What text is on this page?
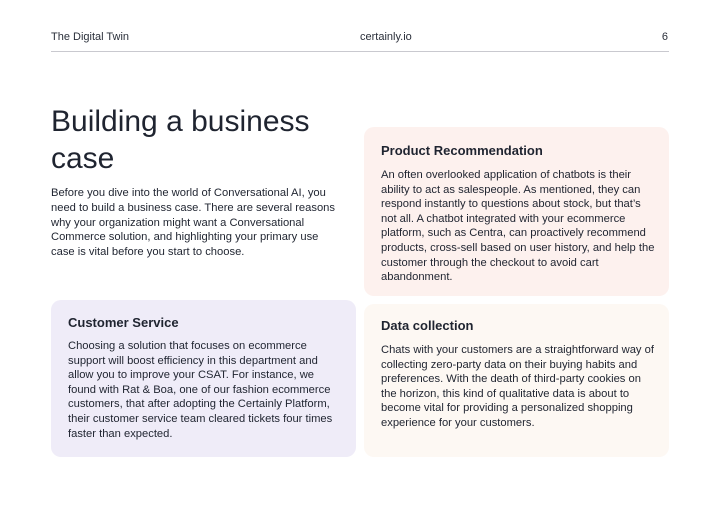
The Digital Twin	certainly.io	6
Building a business case

Before you dive into the world of Conversational AI, you need to build a business case. There are several reasons why your organization might want a Conversational Commerce solution, and highlighting your primary use case is vital before you start to choose.

Product Recommendation

An often overlooked application of chatbots is their ability to act as salespeople. As mentioned, they can respond instantly to questions about stock, but that’s not all. A chatbot integrated with your ecommerce platform, such as Centra, can proactively recommend products, cross-sell based on user history, and help the customer through the checkout to avoid cart abandonment.

Customer Service

Choosing a solution that focuses on ecommerce support will boost efficiency in this department and allow you to improve your CSAT. For instance, we found with Rat & Boa, one of our fashion ecommerce customers, that after adopting the Certainly Platform, their customer service team cleared tickets four times faster than expected.

Data collection

Chats with your customers are a straightforward way of collecting zero-party data on their buying habits and preferences. With the death of third-party cookies on the horizon, this kind of qualitative data is about to become vital for providing a personalized shopping experience for your customers.
